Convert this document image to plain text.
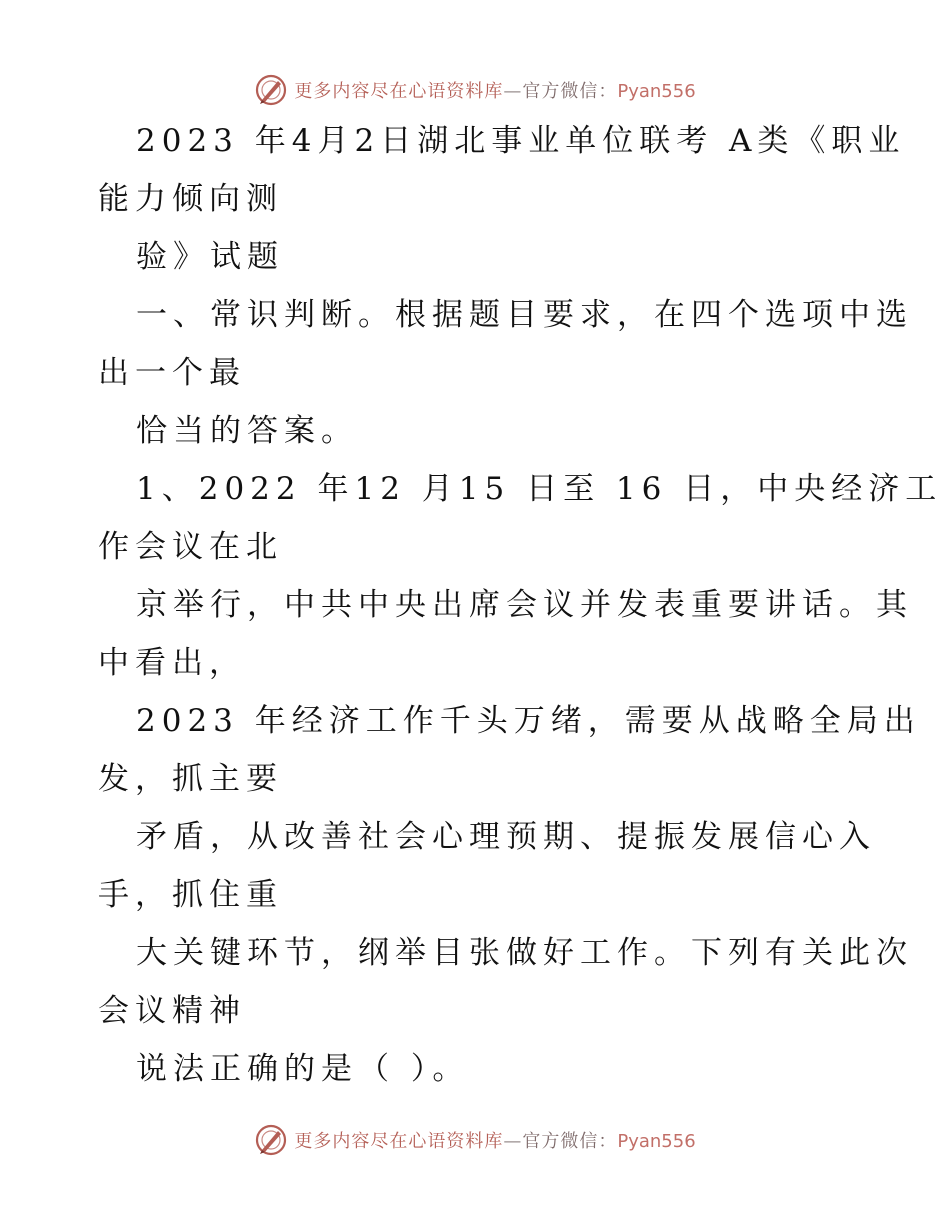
更多内容尽在心语资料库—官方微信：Pyan556
2023 年4月2日湖北事业单位联考 A类《职业
能力倾向测
验》试题
一、常识判断。根据题目要求，在四个选项中选
出一个最
恰当的答案。
1、2022 年12 月15 日至 16 日，中央经济工
作会议在北
京举行，中共中央出席会议并发表重要讲话。其
中看出，
2023 年经济工作千头万绪，需要从战略全局出
发，抓主要
矛盾，从改善社会心理预期、提振发展信心入
手，抓住重
大关键环节，纲举目张做好工作。下列有关此次
会议精神
说法正确的是（ ）。
更多内容尽在心语资料库—官方微信：Pyan556
